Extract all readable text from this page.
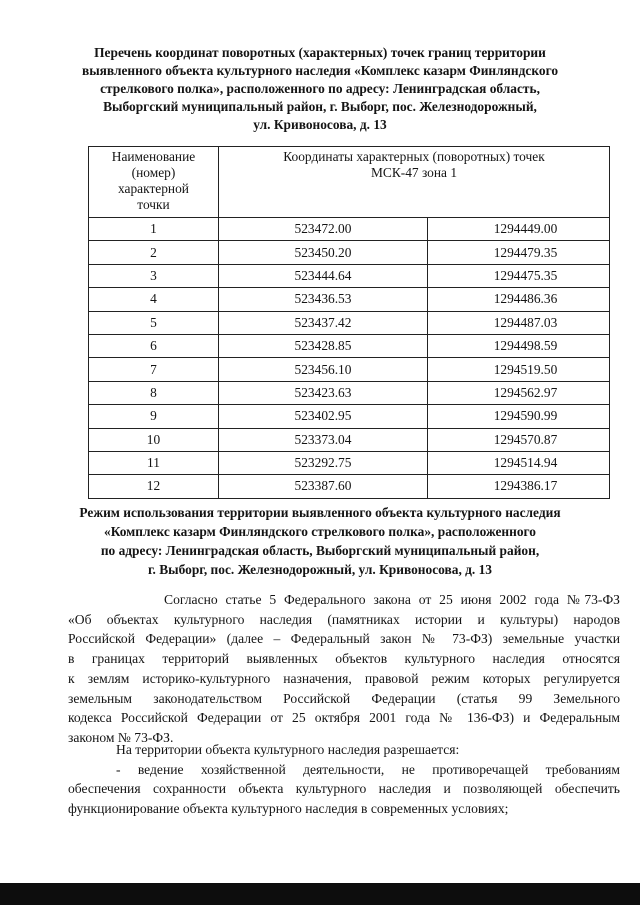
Перечень координат поворотных (характерных) точек границ территории
выявленного объекта культурного наследия «Комплекс казарм Финляндского
стрелкового полка», расположенного по адресу: Ленинградская область,
Выборгский муниципальный район, г. Выборг, пос. Железнодорожный,
ул. Кривоносова, д. 13
Наименование
(номер)
характерной
точки	Координаты характерных (поворотных) точек
МСК-47 зона 1	

1	523472.00	1294449.00
2	523450.20	1294479.35
3	523444.64	1294475.35
4	523436.53	1294486.36
5	523437.42	1294487.03
6	523428.85	1294498.59
7	523456.10	1294519.50
8	523423.63	1294562.97
9	523402.95	1294590.99
10	523373.04	1294570.87
11	523292.75	1294514.94
12	523387.60	1294386.17
Режим использования территории выявленного объекта культурного наследия
«Комплекс казарм Финляндского стрелкового полка», расположенного
по адресу: Ленинградская область, Выборгский муниципальный район,
г. Выборг, пос. Железнодорожный, ул. Кривоносова, д. 13

Согласно статье 5 Федерального закона от 25 июня 2002 года №73-ФЗ
«Об объектах культурного наследия (памятниках истории и культуры) народов
Российской Федерации» (далее – Федеральный закон № 73-ФЗ) земельные участки
в границах территорий выявленных объектов культурного наследия относятся
к землям историко-культурного назначения, правовой режим которых регулируется
земельным законодательством Российской Федерации (статья 99 Земельного
кодекса Российской Федерации от 25 октября 2001 года № 136-ФЗ) и Федеральным
законом № 73-ФЗ.

На территории объекта культурного наследия разрешается:
- ведение хозяйственной деятельности, не противоречащей требованиям
обеспечения сохранности объекта культурного наследия и позволяющей обеспечить
функционирование объекта культурного наследия в современных условиях;
